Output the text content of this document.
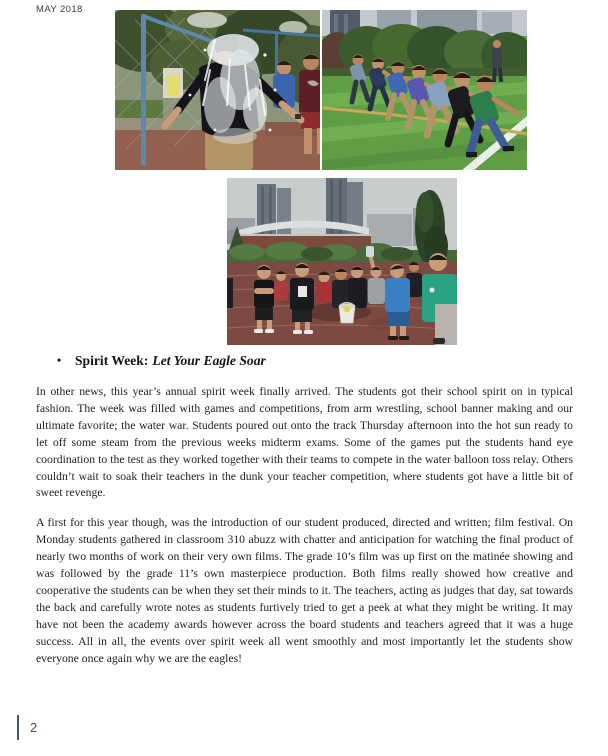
MAY 2018
• Spirit Week: Let Your Eagle Soar

In other news, this year’s annual spirit week finally arrived. The students got their school spirit on in typical fashion. The week was filled with games and competitions, from arm wrestling, school banner making and our ultimate favorite; the water war. Students poured out onto the track Thursday afternoon into the hot sun ready to let off some steam from the previous weeks midterm exams. Some of the games put the students hand eye coordination to the test as they worked together with their teams to compete in the water balloon toss relay. Others couldn’t wait to soak their teachers in the dunk your teacher competition, where students got have a little bit of sweet revenge.

A first for this year though, was the introduction of our student produced, directed and written; film festival. On Monday students gathered in classroom 310 abuzz with chatter and anticipation for watching the final product of nearly two months of work on their very own films. The grade 10’s film was up first on the matinée showing and was followed by the grade 11’s own masterpiece production. Both films really showed how creative and cooperative the students can be when they set their minds to it. The teachers, acting as judges that day, sat towards the back and carefully wrote notes as students furtively tried to get a peek at what they might be writing. It may have not been the academy awards however across the board students and teachers agreed that it was a huge success. All in all, the events over spirit week all went smoothly and most importantly let the students show everyone once again why we are the eagles!

2
